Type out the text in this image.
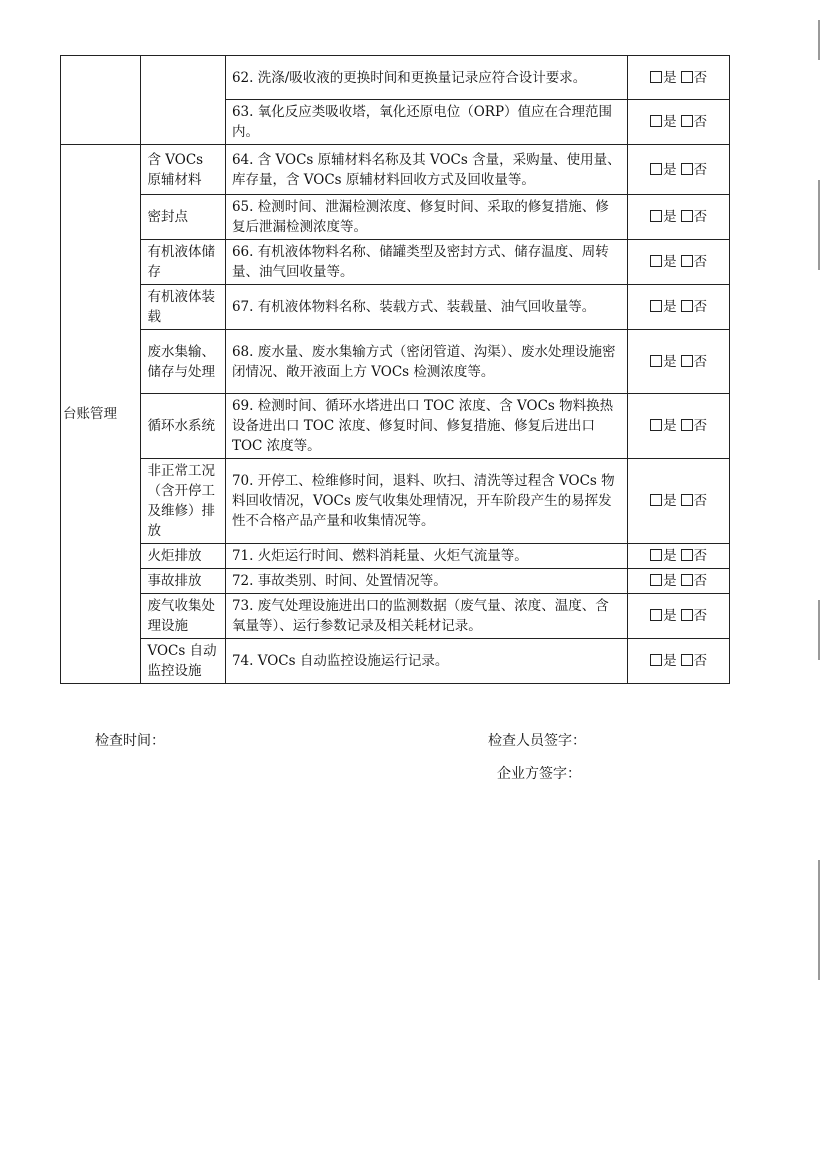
		62. 洗涤/吸收液的更换时间和更换量记录应符合设计要求。	是 否
		63. 氧化反应类吸收塔，氧化还原电位（ORP）值应在合理范围内。	是 否
台账管理	含 VOCs 原辅材料	64. 含 VOCs 原辅材料名称及其 VOCs 含量，采购量、使用量、库存量，含 VOCs 原辅材料回收方式及回收量等。	是 否
	密封点	65. 检测时间、泄漏检测浓度、修复时间、采取的修复措施、修复后泄漏检测浓度等。	是 否
	有机液体储存	66. 有机液体物料名称、储罐类型及密封方式、储存温度、周转量、油气回收量等。	是 否
	有机液体装载	67. 有机液体物料名称、装载方式、装载量、油气回收量等。	是 否
	废水集输、储存与处理	68. 废水量、废水集输方式（密闭管道、沟渠）、废水处理设施密闭情况、敞开液面上方 VOCs 检测浓度等。	是 否
	循环水系统	69. 检测时间、循环水塔进出口 TOC 浓度、含 VOCs 物料换热设备进出口 TOC 浓度、修复时间、修复措施、修复后进出口 TOC 浓度等。	是 否
	非正常工况（含开停工及维修）排放	70. 开停工、检维修时间，退料、吹扫、清洗等过程含 VOCs 物料回收情况，VOCs 废气收集处理情况，开车阶段产生的易挥发性不合格产品产量和收集情况等。	是 否
	火炬排放	71. 火炬运行时间、燃料消耗量、火炬气流量等。	是 否
	事故排放	72. 事故类别、时间、处置情况等。	是 否
	废气收集处理设施	73. 废气处理设施进出口的监测数据（废气量、浓度、温度、含氧量等）、运行参数记录及相关耗材记录。	是 否
	VOCs 自动监控设施	74. VOCs 自动监控设施运行记录。	是 否
检查时间：	检查人员签字：
企业方签字：
